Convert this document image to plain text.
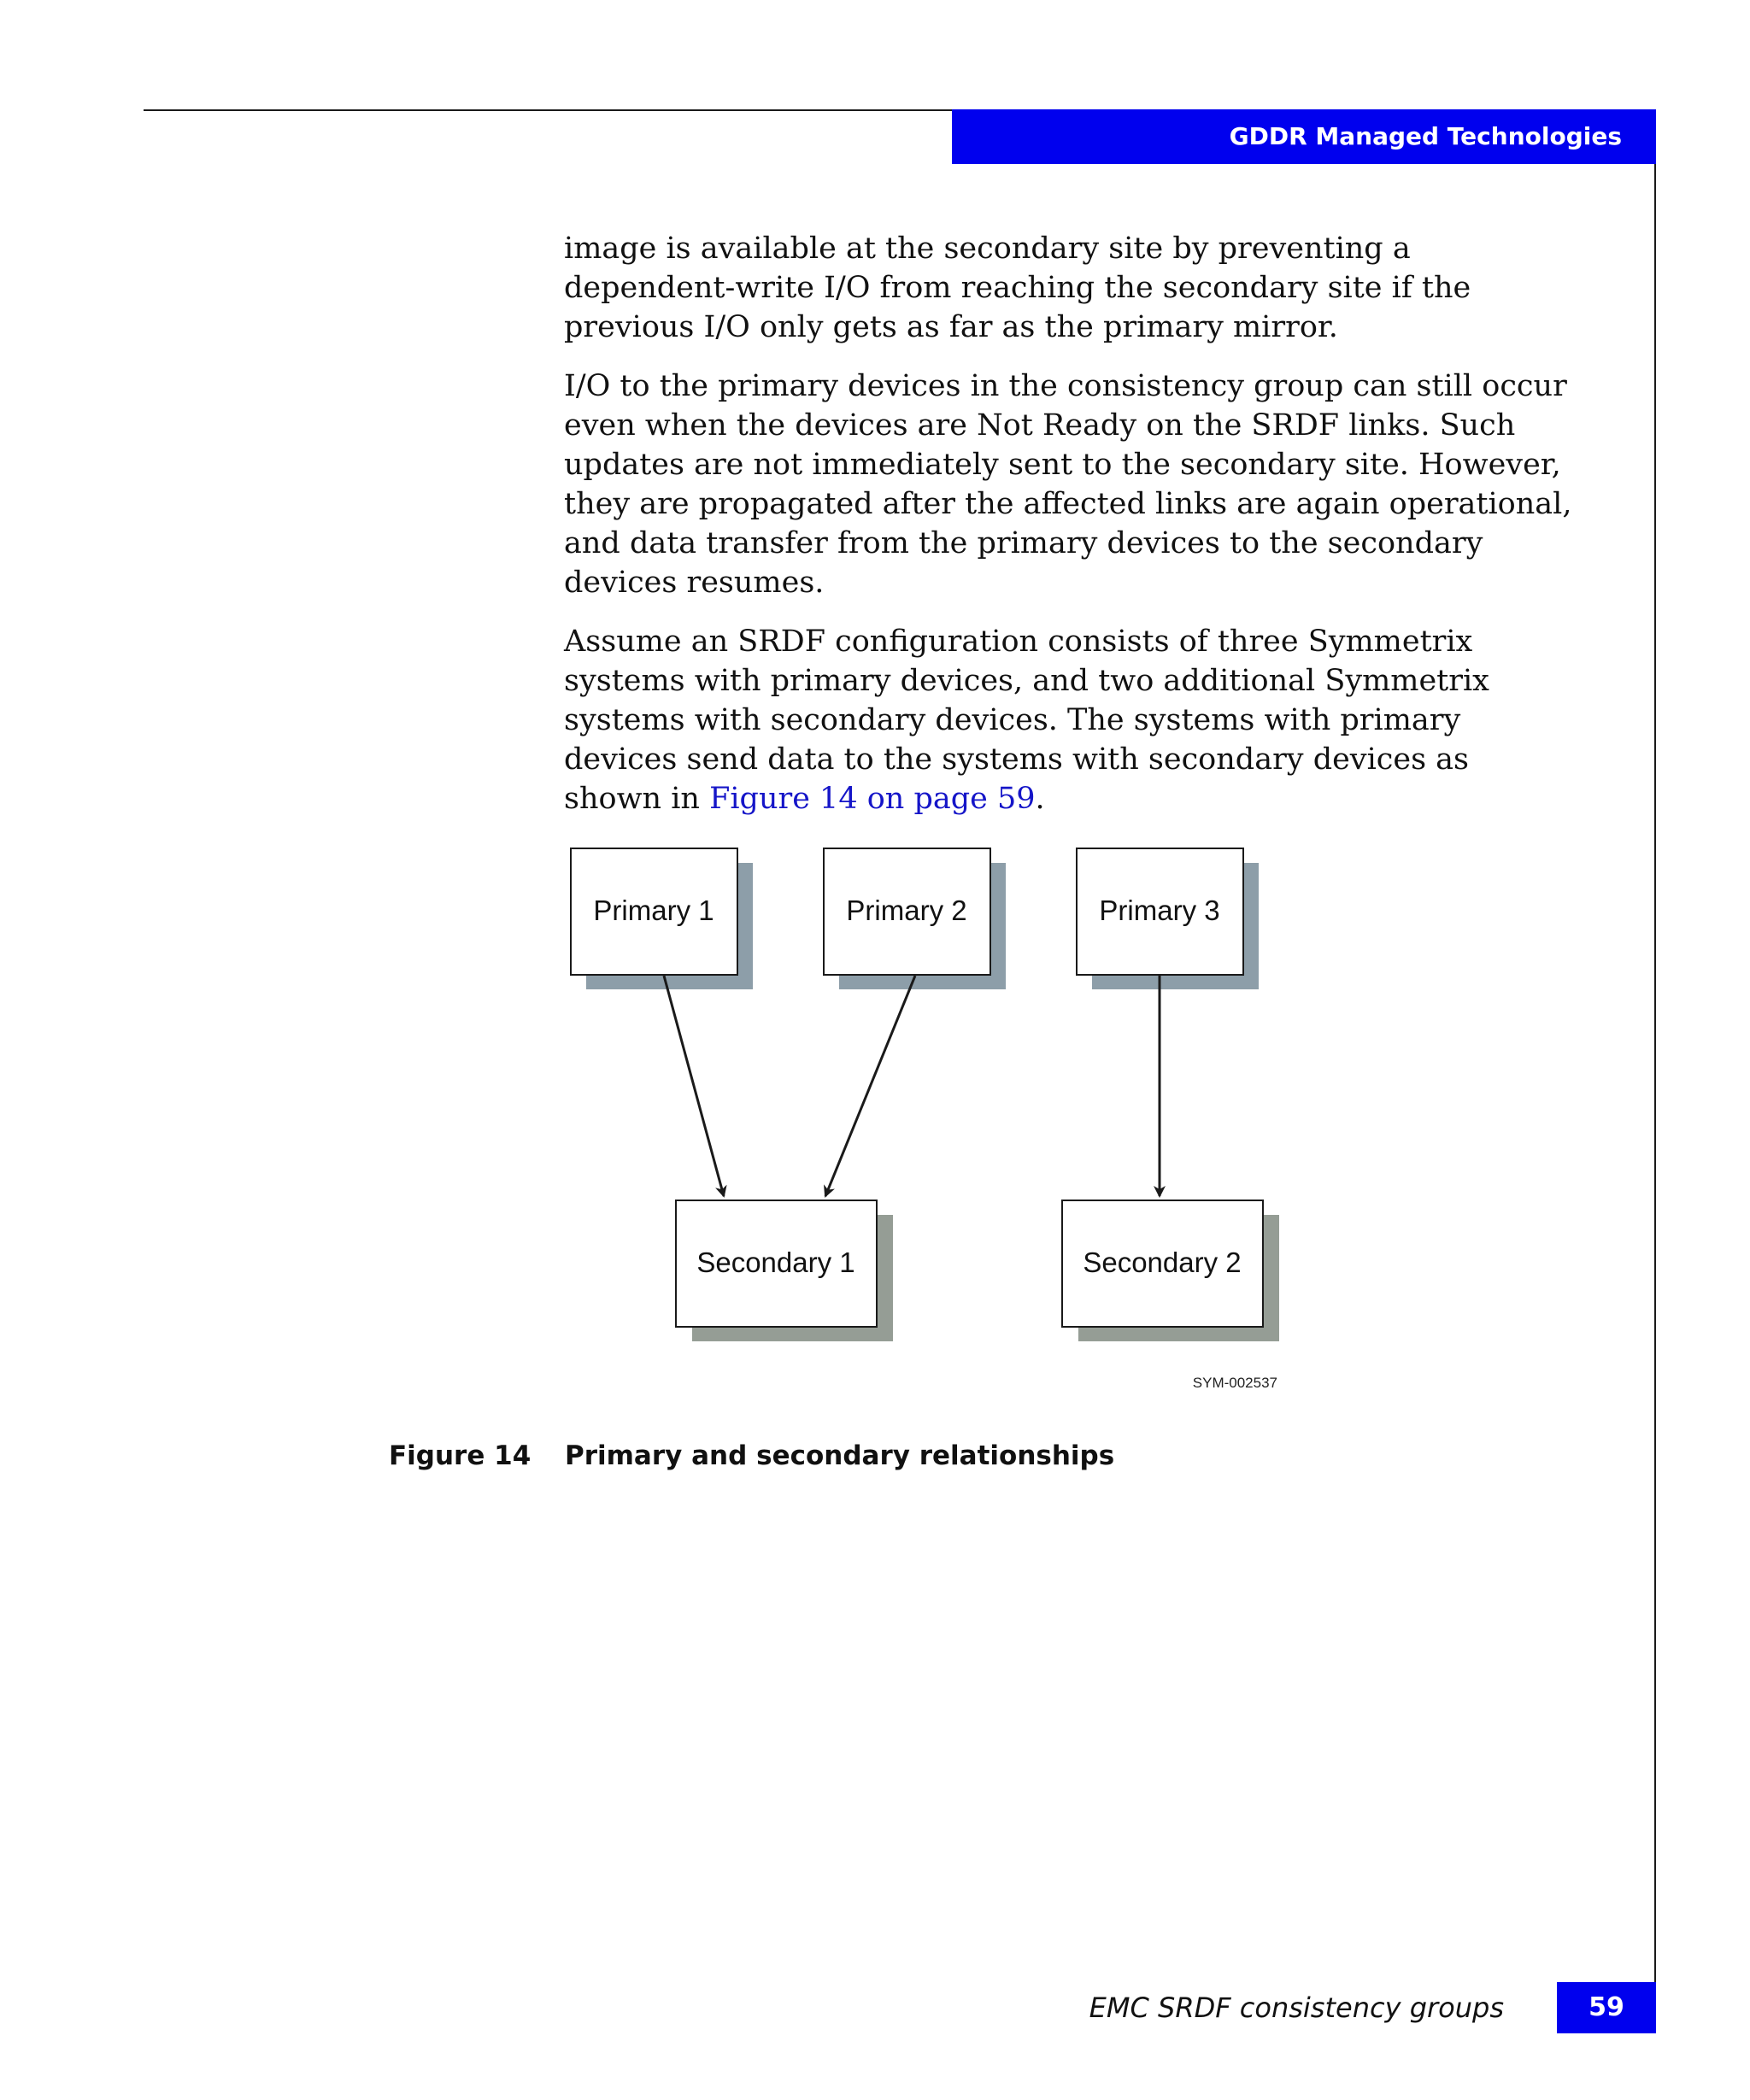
GDDR Managed Technologies

image is available at the secondary site by preventing a dependent-write I/O from reaching the secondary site if the previous I/O only gets as far as the primary mirror.

I/O to the primary devices in the consistency group can still occur even when the devices are Not Ready on the SRDF links. Such updates are not immediately sent to the secondary site. However, they are propagated after the affected links are again operational, and data transfer from the primary devices to the secondary devices resumes.

Assume an SRDF configuration consists of three Symmetrix systems with primary devices, and two additional Symmetrix systems with secondary devices. The systems with primary devices send data to the systems with secondary devices as shown in Figure 14 on page 59.

Primary 1	Primary 2	Primary 3
Secondary 1	Secondary 2
SYM-002537
Figure 14 Primary and secondary relationships
EMC SRDF consistency groups	59
